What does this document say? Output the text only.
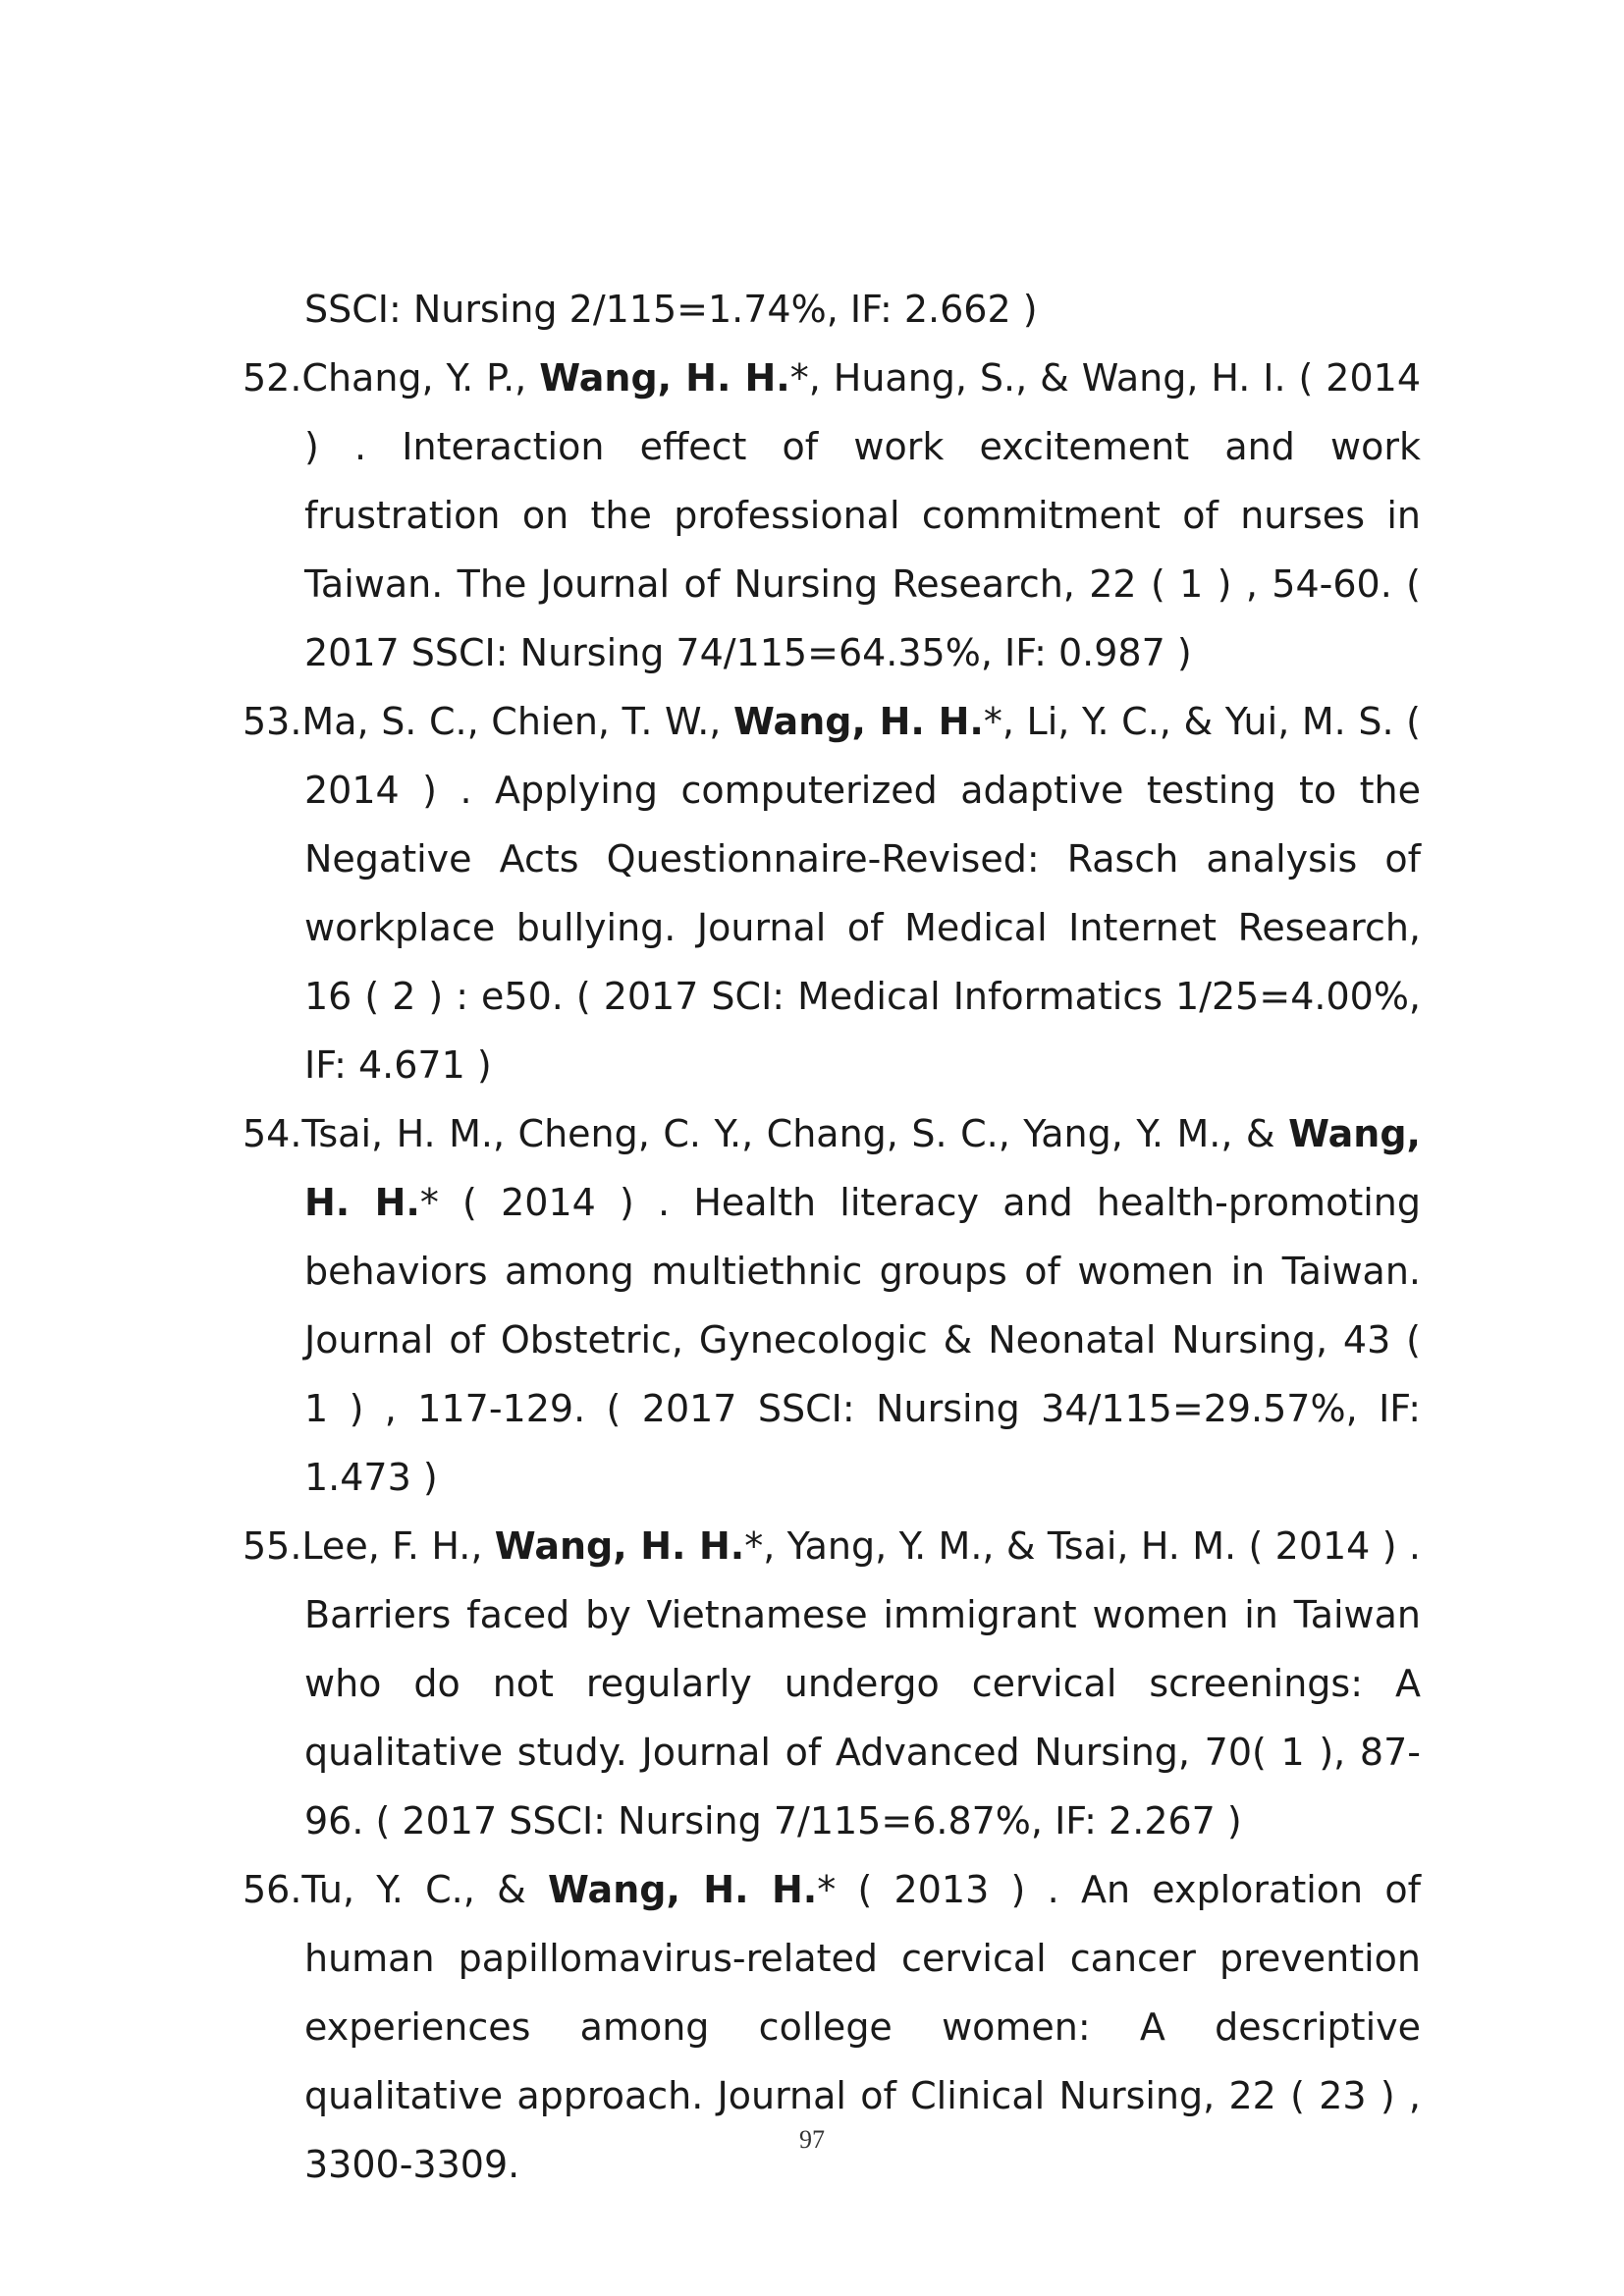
SSCI: Nursing 2/115=1.74%, IF: 2.662 )
52.Chang, Y. P., Wang, H. H.*, Huang, S., & Wang, H. I. ( 2014 ) . Interaction effect of work excitement and work frustration on the professional commitment of nurses in Taiwan. The Journal of Nursing Research, 22 ( 1 ) , 54-60. ( 2017 SSCI: Nursing 74/115=64.35%, IF: 0.987 )
53.Ma, S. C., Chien, T. W., Wang, H. H.*, Li, Y. C., & Yui, M. S. ( 2014 ) . Applying computerized adaptive testing to the Negative Acts Questionnaire-Revised: Rasch analysis of workplace bullying. Journal of Medical Internet Research, 16 ( 2 ) : e50. ( 2017 SCI: Medical Informatics 1/25=4.00%, IF: 4.671 )
54.Tsai, H. M., Cheng, C. Y., Chang, S. C., Yang, Y. M., & Wang, H. H.* ( 2014 ) . Health literacy and health-promoting behaviors among multiethnic groups of women in Taiwan. Journal of Obstetric, Gynecologic & Neonatal Nursing, 43 ( 1 ) , 117-129. ( 2017 SSCI: Nursing 34/115=29.57%, IF: 1.473 )
55.Lee, F. H., Wang, H. H.*, Yang, Y. M., & Tsai, H. M. ( 2014 ) . Barriers faced by Vietnamese immigrant women in Taiwan who do not regularly undergo cervical screenings: A qualitative study. Journal of Advanced Nursing, 70( 1 ), 87-96. ( 2017 SSCI: Nursing 7/115=6.87%, IF: 2.267 )
56.Tu, Y. C., & Wang, H. H.* ( 2013 ) . An exploration of human papillomavirus-related cervical cancer prevention experiences among college women: A descriptive qualitative approach. Journal of Clinical Nursing, 22 ( 23 ) , 3300-3309.
97
